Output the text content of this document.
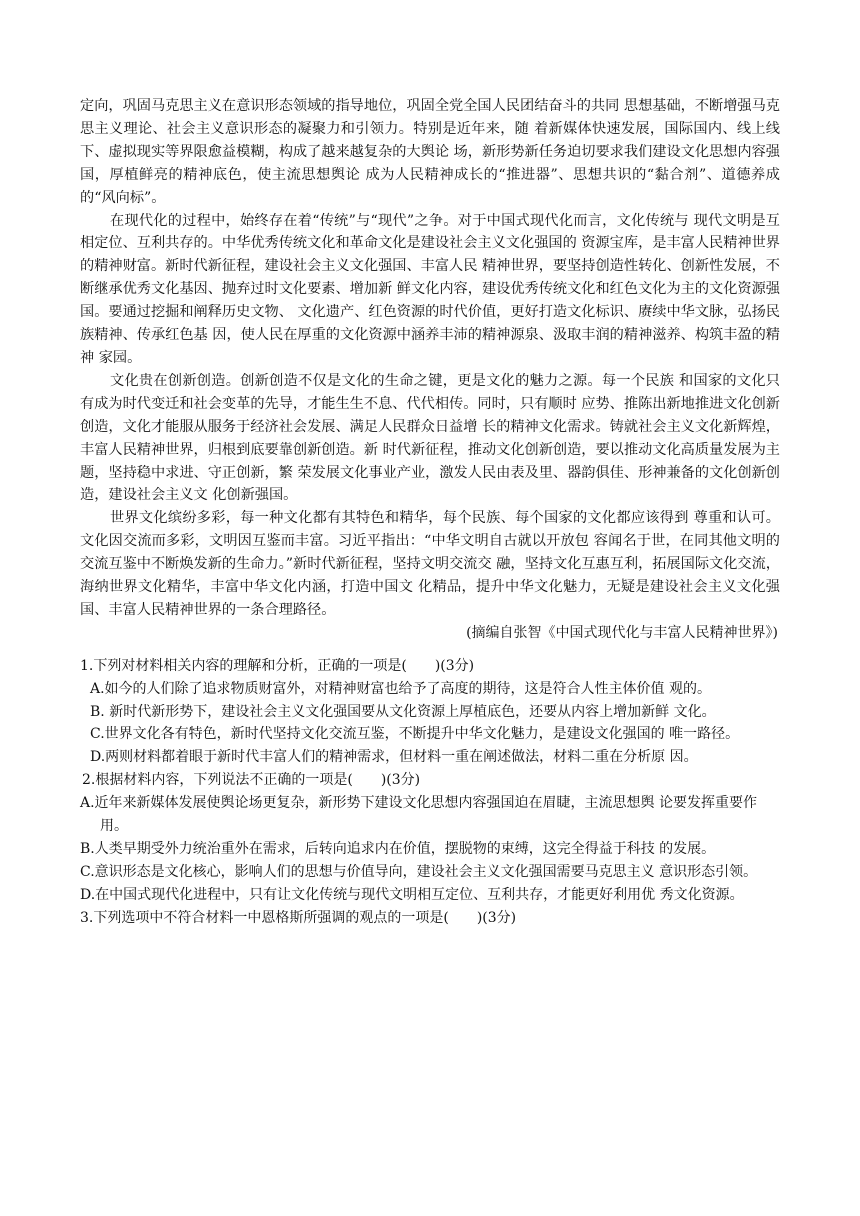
定向，巩固马克思主义在意识形态领域的指导地位，巩固全党全国人民团结奋斗的共同 思想基础，不断增强马克思主义理论、社会主义意识形态的凝聚力和引领力。特别是近年来，随 着新媒体快速发展，国际国内、线上线下、虚拟现实等界限愈益模糊，构成了越来越复杂的大舆论 场，新形势新任务迫切要求我们建设文化思想内容强国，厚植鲜亮的精神底色，使主流思想舆论 成为人民精神成长的“推进器”、思想共识的“黏合剂”、道德养成的“风向标”。

在现代化的过程中，始终存在着“传统”与“现代”之争。对于中国式现代化而言，文化传统与 现代文明是互相定位、互利共存的。中华优秀传统文化和革命文化是建设社会主义文化强国的 资源宝库，是丰富人民精神世界的精神财富。新时代新征程，建设社会主义文化强国、丰富人民 精神世界，要坚持创造性转化、创新性发展，不断继承优秀文化基因、抛弃过时文化要素、增加新 鲜文化内容，建设优秀传统文化和红色文化为主的文化资源强国。要通过挖掘和阐释历史文物、 文化遗产、红色资源的时代价值，更好打造文化标识、赓续中华文脉，弘扬民族精神、传承红色基 因，使人民在厚重的文化资源中涵养丰沛的精神源泉、汲取丰润的精神滋养、构筑丰盈的精神 家园。

文化贵在创新创造。创新创造不仅是文化的生命之键，更是文化的魅力之源。每一个民族 和国家的文化只有成为时代变迁和社会变革的先导，才能生生不息、代代相传。同时，只有顺时 应势、推陈出新地推进文化创新创造，文化才能服从服务于经济社会发展、满足人民群众日益增 长的精神文化需求。铸就社会主义文化新辉煌，丰富人民精神世界，归根到底要靠创新创造。新 时代新征程，推动文化创新创造，要以推动文化高质量发展为主题，坚持稳中求进、守正创新，繁 荣发展文化事业产业，激发人民由表及里、器韵俱佳、形神兼备的文化创新创造，建设社会主义文 化创新强国。

世界文化缤纷多彩，每一种文化都有其特色和精华，每个民族、每个国家的文化都应该得到 尊重和认可。文化因交流而多彩，文明因互鉴而丰富。习近平指出：“中华文明自古就以开放包 容闻名于世，在同其他文明的交流互鉴中不断焕发新的生命力。”新时代新征程，坚持文明交流交 融，坚持文化互惠互利，拓展国际文化交流，海纳世界文化精华，丰富中华文化内涵，打造中国文 化精品，提升中华文化魅力，无疑是建设社会主义文化强国、丰富人民精神世界的一条合理路径。

(摘编自张智《中国式现代化与丰富人民精神世界》)

1.下列对材料相关内容的理解和分析，正确的一项是(　　)(3分)

A.如今的人们除了追求物质财富外，对精神财富也给予了高度的期待，这是符合人性主体价值 观的。

B. 新时代新形势下，建设社会主义文化强国要从文化资源上厚植底色，还要从内容上增加新鲜 文化。

C.世界文化各有特色，新时代坚持文化交流互鉴，不断提升中华文化魅力，是建设文化强国的 唯一路径。

D.两则材料都着眼于新时代丰富人们的精神需求，但材料一重在阐述做法，材料二重在分析原 因。

2.根据材料内容，下列说法不正确的一项是(　　)(3分)

A.近年来新媒体发展使舆论场更复杂，新形势下建设文化思想内容强国迫在眉睫，主流思想舆 论要发挥重要作用。

B.人类早期受外力统治重外在需求，后转向追求内在价值，摆脱物的束缚，这完全得益于科技 的发展。

C.意识形态是文化核心，影响人们的思想与价值导向，建设社会主义文化强国需要马克思主义 意识形态引领。

D.在中国式现代化进程中，只有让文化传统与现代文明相互定位、互利共存，才能更好利用优 秀文化资源。

3.下列选项中不符合材料一中恩格斯所强调的观点的一项是(　　)(3分)
